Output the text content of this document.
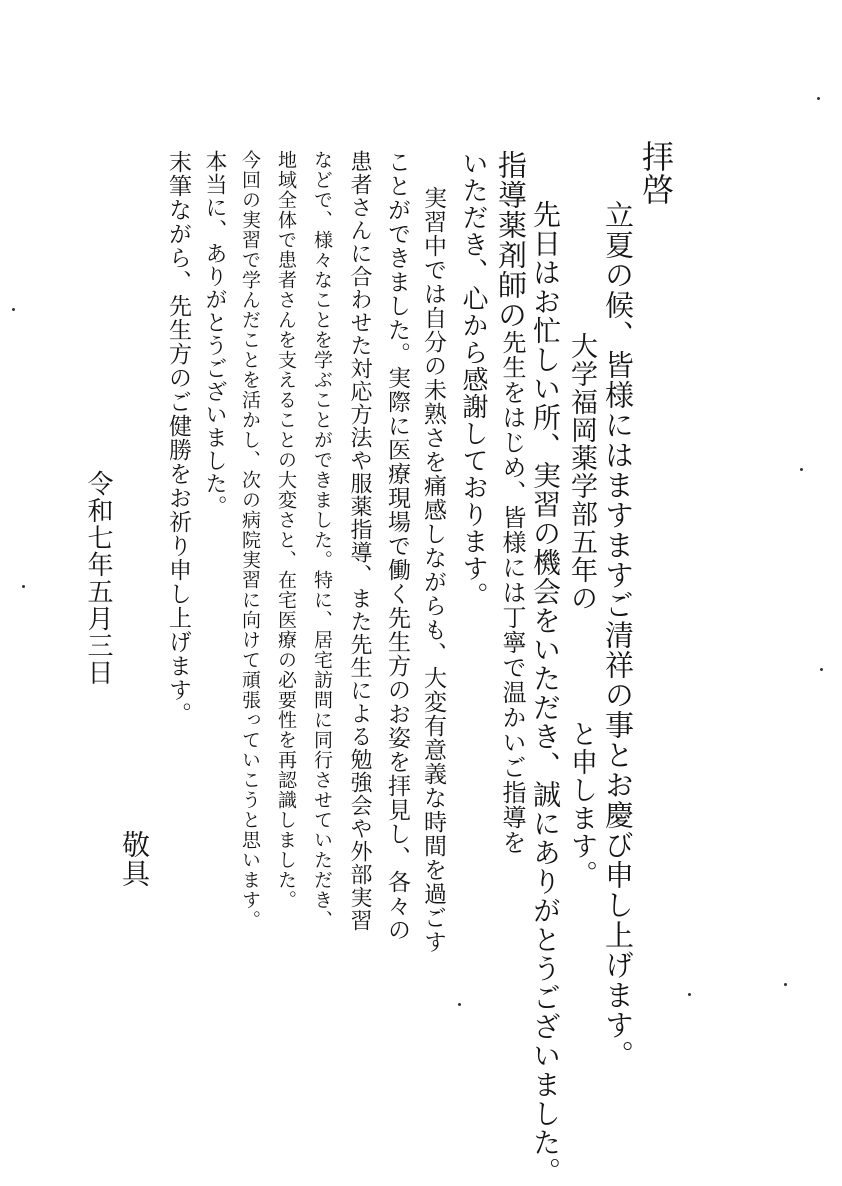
拝啓
立夏の候、皆様にはますますご清祥の事とお慶び申し上げます。
大学福岡薬学部五年の
と申します。
先日はお忙しい所、実習の機会をいただき、誠にありがとうございました。
指導薬剤師の
先生をはじめ、皆様には丁寧で温かいご指導を
いただき、心から感謝しております。
実習中では自分の未熟さを痛感しながらも、大変有意義な時間を過ごす
ことができました。実際に医療現場で働く先生方のお姿を拝見し、各々の
患者さんに合わせた対応方法や服薬指導、また先生による勉強会や外部実習
などで、様々なことを学ぶことができました。特に、居宅訪問に同行させていただき、
地域全体で患者さんを支えることの大変さと、在宅医療の必要性を再認識しました。
今回の実習で学んだことを活かし、次の病院実習に向けて頑張っていこうと思います。
本当に、ありがとうございました。
末筆ながら、先生方のご健勝をお祈り申し上げます。
令和七年五月三日
敬具
